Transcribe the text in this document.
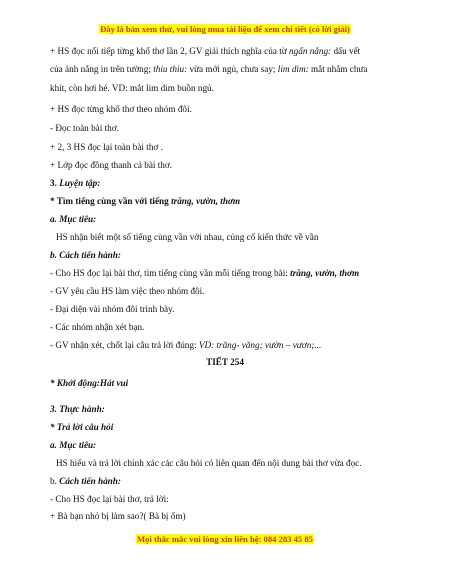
Đây là bản xem thử, vui lòng mua tài liệu để xem chi tiết (có lời giải)
+ HS đọc nối tiếp từng khổ thơ lần 2, GV giải thích nghĩa của từ ngấn nắng: dấu vết
của ánh nắng in trên tường; thiu thiu: vừa mới ngủ, chưa say; lim dim: mắt nhắm chưa
khít, còn hơi hé. VD: mắt lim dim buồn ngủ.
+ HS đọc từng khổ thơ theo nhóm đôi.
- Đọc toàn bài thơ.
+ 2, 3 HS đọc lại toàn bài thơ .
+ Lớp đọc đồng thanh cả bài thơ.
3. Luyện tập:
* Tìm tiếng cùng vần với tiếng trăng, vườn, thơm
a. Mục tiêu:
HS nhận biết một số tiếng cùng vần với nhau, củng cố kiến thức về vần
b. Cách tiến hành:
- Cho HS đọc lại bài thơ, tìm tiếng cùng vần mỗi tiếng trong bài: trăng, vườn, thơm
- GV yêu cầu HS làm việc theo nhóm đôi.
- Đại diện vài nhóm đôi trình bày.
- Các nhóm nhận xét bạn.
- GV nhận xét, chốt lại câu trả lời đúng: VD: trăng- văng; vườn – vươn;...
TIẾT 254
* Khởi động:Hát vui
3. Thực hành:
* Trả lời câu hỏi
a. Mục tiêu:
HS hiểu và trả lời chính xác các câu hỏi có liên quan đến nội dung bài thơ vừa đọc.
b. Cách tiến hành:
- Cho HS đọc lại bài thơ, trả lời:
+ Bà bạn nhỏ bị làm sao?( Bà bị ốm)
Mọi thắc mắc vui lòng xin liên hệ: 084 283 45 85
